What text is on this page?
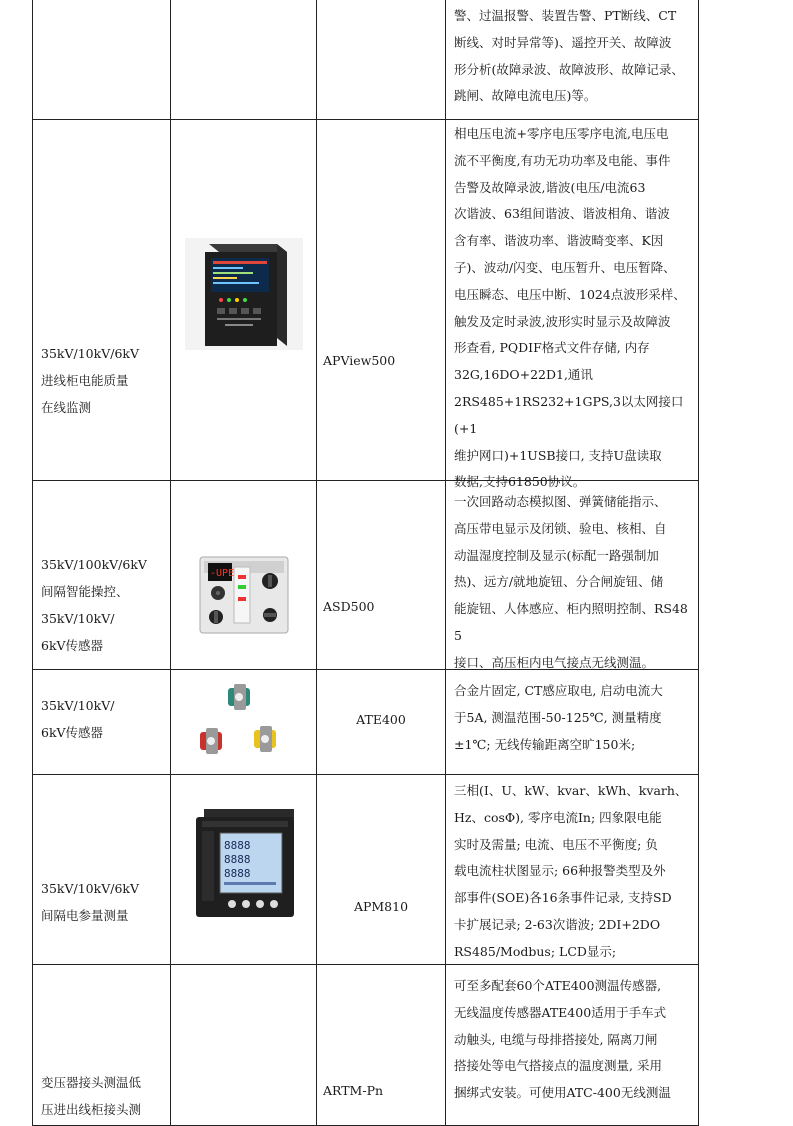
警、过温报警、装置告警、PT断线、CT
断线、对时异常等)、遥控开关、故障波
形分析(故障录波、故障波形、故障记录、
跳闸、故障电流电压)等。
35kV/10kV/6kV
进线柜电能质量
在线监测
APView500
相电压电流+零序电压零序电流,电压电
流不平衡度,有功无功功率及电能、事件
告警及故障录波,谐波(电压/电流63
次谐波、63组间谐波、谐波相角、谐波
含有率、谐波功率、谐波畸变率、K因
子)、波动/闪变、电压暂升、电压暂降、
电压瞬态、电压中断、1024点波形采样、
触发及定时录波,波形实时显示及故障波
形查看, PQDIF格式文件存储, 内存
32G,16DO+22D1,通讯
2RS485+1RS232+1GPS,3以太网接口(+1
维护网口)+1USB接口, 支持U盘读取
数据,支持61850协议。
35kV/100kV/6kV
间隔智能操控、
35kV/10kV/
6kV传感器
-UPE
ASD500
一次回路动态模拟图、弹簧储能指示、
高压带电显示及闭锁、验电、核相、自
动温湿度控制及显示(标配一路强制加
热)、远方/就地旋钮、分合闸旋钮、储
能旋钮、人体感应、柜内照明控制、RS485
接口、高压柜内电气接点无线测温。
35kV/10kV/
6kV传感器
ATE400
合金片固定, CT感应取电, 启动电流大
于5A, 测温范围-50-125℃, 测量精度
±1℃; 无线传输距离空旷150米;
35kV/10kV/6kV
间隔电参量测量
8888
8888
8888
APM810
三相(I、U、kW、kvar、kWh、kvarh、
Hz、cosΦ), 零序电流In; 四象限电能
实时及需量; 电流、电压不平衡度; 负
载电流柱状图显示; 66种报警类型及外
部事件(SOE)各16条事件记录, 支持SD
卡扩展记录; 2-63次谐波; 2DI+2DO
RS485/Modbus; LCD显示;
变压器接头测温低
压进出线柜接头测
ARTM-Pn
可至多配套60个ATE400测温传感器,
无线温度传感器ATE400适用于手车式
动触头, 电缆与母排搭接处, 隔离刀闸
搭接处等电气搭接点的温度测量, 采用
捆绑式安装。可使用ATC-400无线测温
